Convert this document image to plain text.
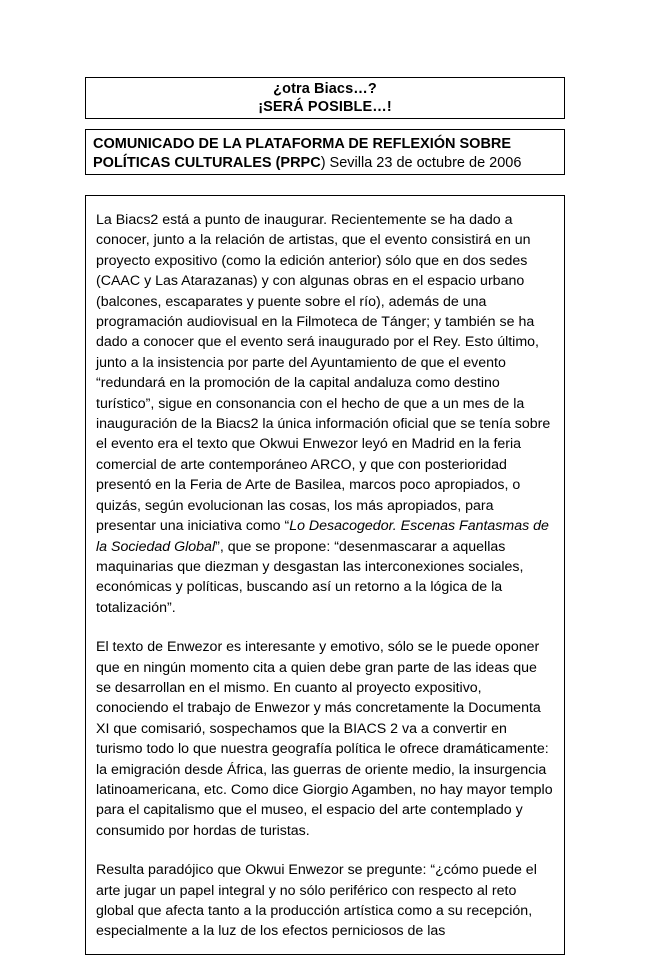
¿otra Biacs…?
¡SERÁ POSIBLE…!
COMUNICADO DE LA PLATAFORMA DE REFLEXIÓN SOBRE POLÍTICAS CULTURALES (PRPC) Sevilla 23 de octubre de 2006

La Biacs2 está a punto de inaugurar. Recientemente se ha dado a conocer, junto a la relación de artistas, que el evento consistirá en un proyecto expositivo (como la edición anterior) sólo que en dos sedes (CAAC y Las Atarazanas) y con algunas obras en el espacio urbano (balcones, escaparates y puente sobre el río), además de una programación audiovisual en la Filmoteca de Tánger; y también se ha dado a conocer que el evento será inaugurado por el Rey. Esto último, junto a la insistencia por parte del Ayuntamiento de que el evento “redundará en la promoción de la capital andaluza como destino turístico”, sigue en consonancia con el hecho de que a un mes de la inauguración de la Biacs2 la única información oficial que se tenía sobre el evento era el texto que Okwui Enwezor leyó en Madrid en la feria comercial de arte contemporáneo ARCO, y que con posterioridad presentó en la Feria de Arte de Basilea, marcos poco apropiados, o quizás, según evolucionan las cosas, los más apropiados, para presentar una iniciativa como “Lo Desacogedor. Escenas Fantasmas de la Sociedad Global”, que se propone: “desenmascarar a aquellas maquinarias que diezman y desgastan las interconexiones sociales, económicas y políticas, buscando así un retorno a la lógica de la totalización”.

El texto de Enwezor es interesante y emotivo, sólo se le puede oponer que en ningún momento cita a quien debe gran parte de las ideas que se desarrollan en el mismo. En cuanto al proyecto expositivo, conociendo el trabajo de Enwezor y más concretamente la Documenta XI que comisarió, sospechamos que la BIACS 2 va a convertir en turismo todo lo que nuestra geografía política le ofrece dramáticamente: la emigración desde África, las guerras de oriente medio, la insurgencia latinoamericana, etc. Como dice Giorgio Agamben, no hay mayor templo para el capitalismo que el museo, el espacio del arte contemplado y consumido por hordas de turistas.

Resulta paradójico que Okwui Enwezor se pregunte: “¿cómo puede el arte jugar un papel integral y no sólo periférico con respecto al reto global que afecta tanto a la producción artística como a su recepción, especialmente a la luz de los efectos perniciosos de las
